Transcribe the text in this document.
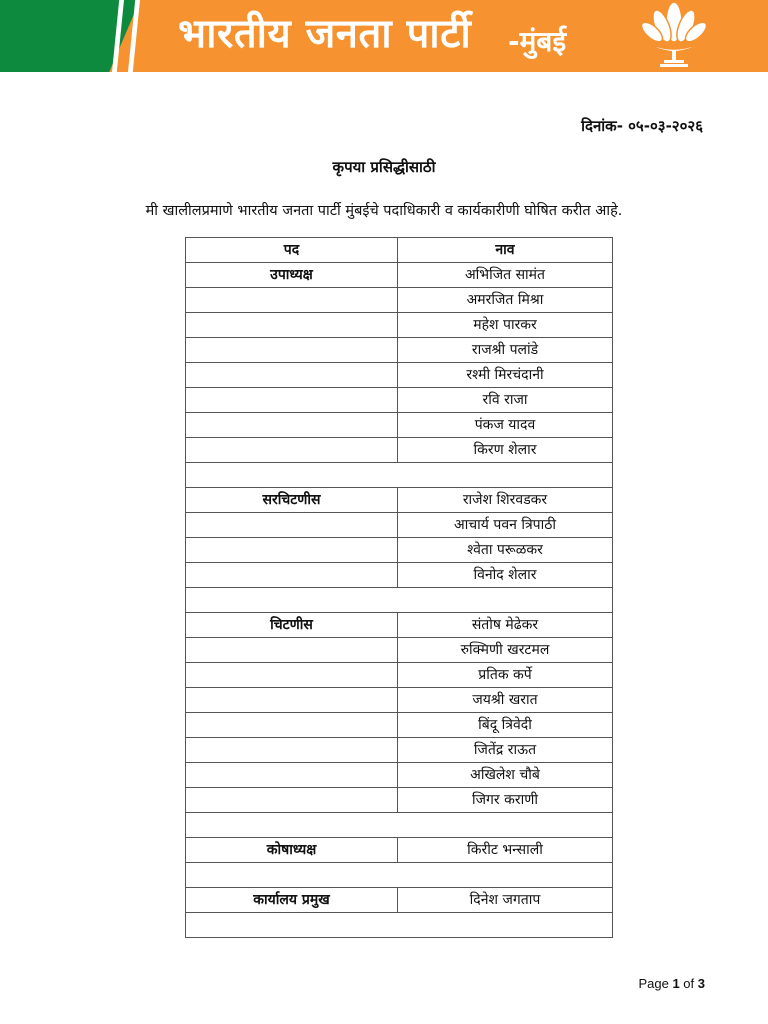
भारतीय जनता पार्टी -मुंबई
दिनांक- ०५-०३-२०२६
कृपया प्रसिद्धीसाठी
मी खालीलप्रमाणे भारतीय जनता पार्टी मुंबईचे पदाधिकारी व कार्यकारीणी घोषित करीत आहे.
पद	नाव
उपाध्यक्ष	अभिजित सामंत
	अमरजित मिश्रा
	महेश पारकर
	राजश्री पलांडे
	रश्मी मिरचंदानी
	रवि राजा
	पंकज यादव
	किरण शेलार

सरचिटणीस	राजेश शिरवडकर
	आचार्य पवन त्रिपाठी
	श्वेता परूळकर
	विनोद शेलार

चिटणीस	संतोष मेढेकर
	रुक्मिणी खरटमल
	प्रतिक कर्पे
	जयश्री खरात
	बिंदू त्रिवेदी
	जितेंद्र राऊत
	अखिलेश चौबे
	जिगर कराणी

कोषाध्यक्ष	किरीट भन्साली

कार्यालय प्रमुख	दिनेश जगताप

Page 1 of 3
